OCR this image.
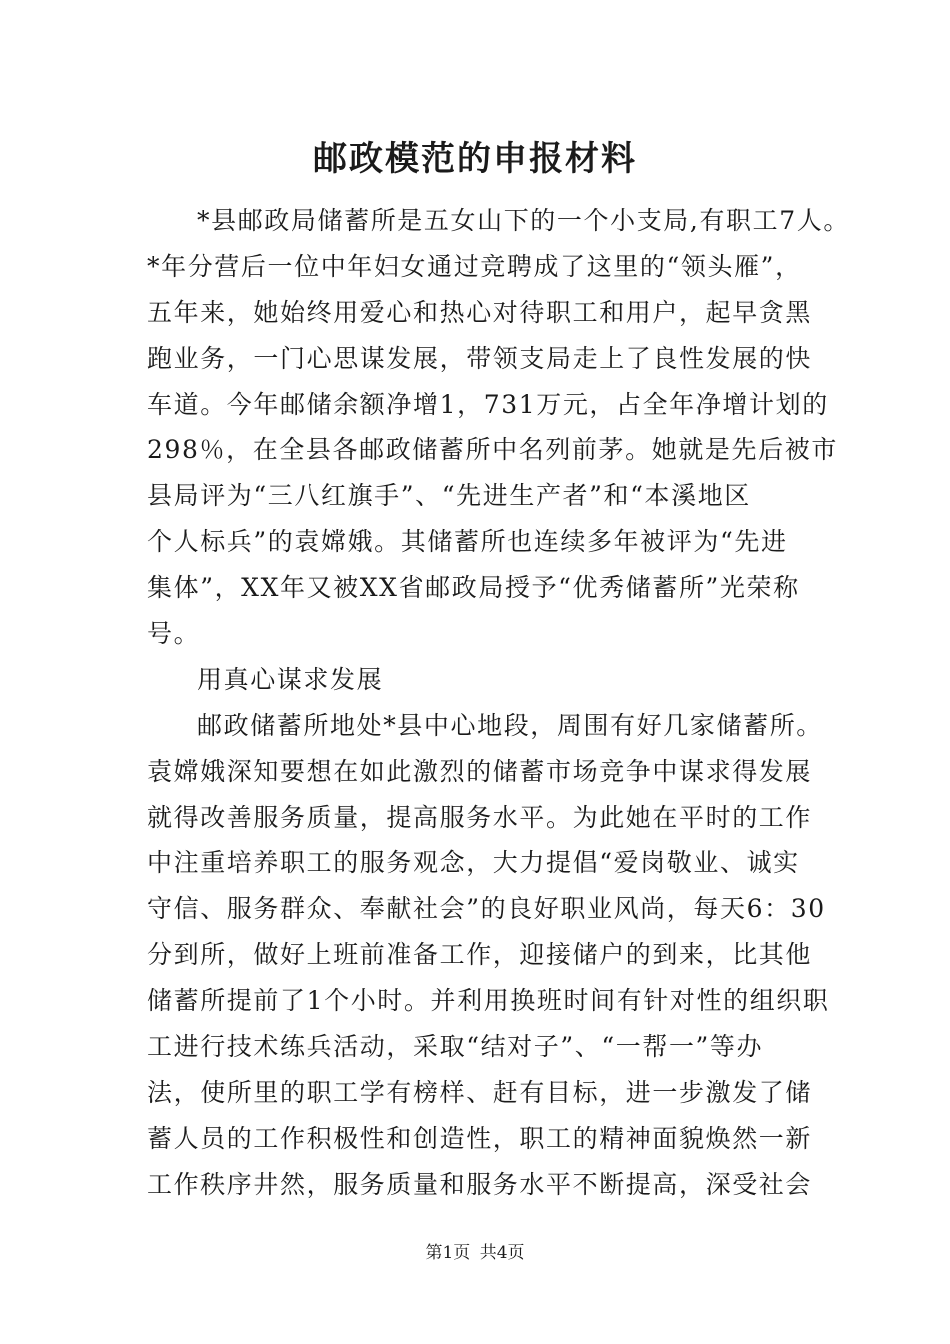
邮政模范的申报材料
*县邮政局储蓄所是五女山下的一个小支局,有职工7人。
*年分营后一位中年妇女通过竞聘成了这里的“领头雁”，
五年来，她始终用爱心和热心对待职工和用户，起早贪黑
跑业务，一门心思谋发展，带领支局走上了良性发展的快
车道。今年邮储余额净增1，731万元，占全年净增计划的
298％，在全县各邮政储蓄所中名列前茅。她就是先后被市
县局评为“三八红旗手”、“先进生产者”和“本溪地区
个人标兵”的袁嫦娥。其储蓄所也连续多年被评为“先进
集体”，XX年又被XX省邮政局授予“优秀储蓄所”光荣称
号。
用真心谋求发展
邮政储蓄所地处*县中心地段，周围有好几家储蓄所。
袁嫦娥深知要想在如此激烈的储蓄市场竞争中谋求得发展
就得改善服务质量，提高服务水平。为此她在平时的工作
中注重培养职工的服务观念，大力提倡“爱岗敬业、诚实
守信、服务群众、奉献社会”的良好职业风尚，每天6：30
分到所，做好上班前准备工作，迎接储户的到来，比其他
储蓄所提前了1个小时。并利用换班时间有针对性的组织职
工进行技术练兵活动，采取“结对子”、“一帮一”等办
法，使所里的职工学有榜样、赶有目标，进一步激发了储
蓄人员的工作积极性和创造性，职工的精神面貌焕然一新
工作秩序井然，服务质量和服务水平不断提高，深受社会
第1页 共4页
